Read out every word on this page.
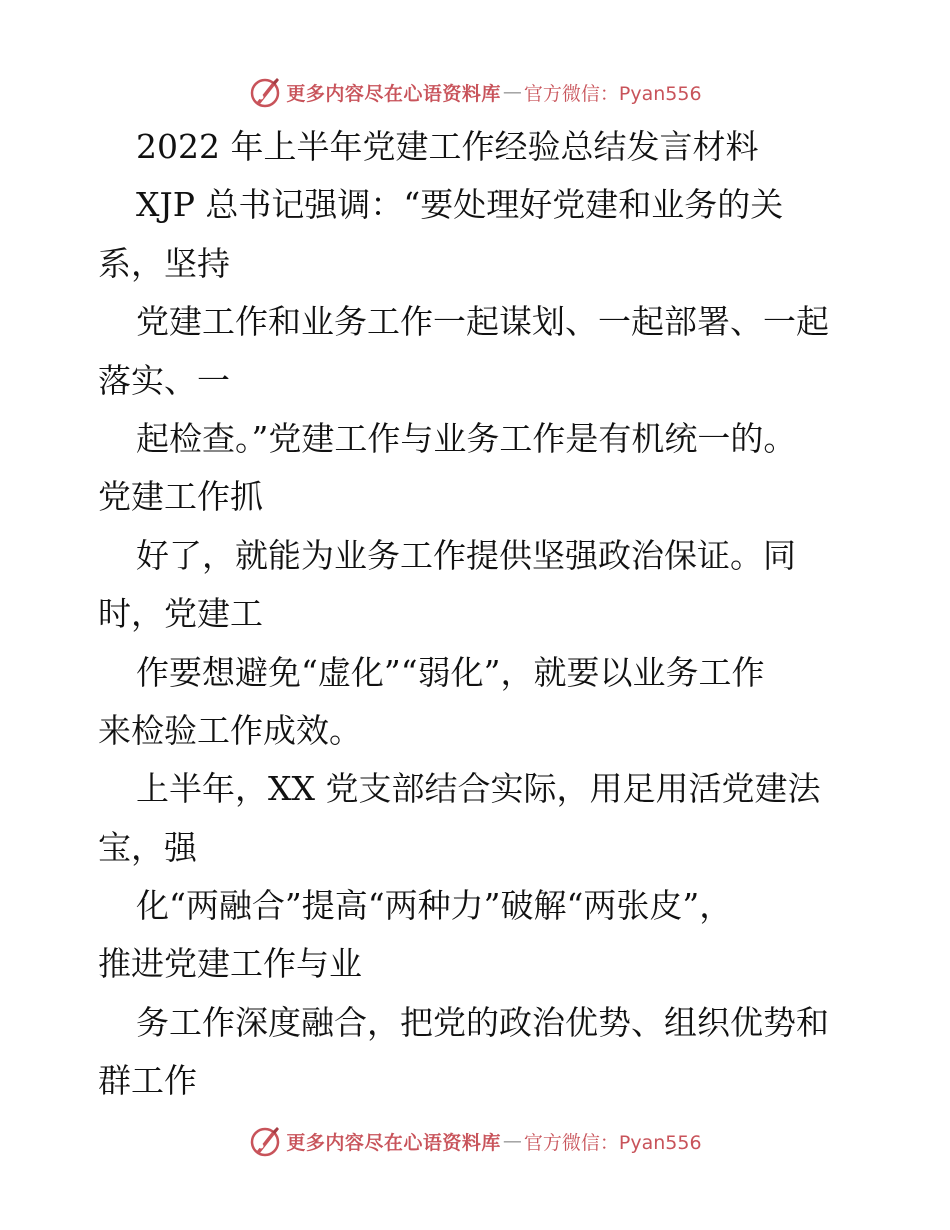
更多内容尽在心语资料库 — 官方微信：Pyan556
2022 年上半年党建工作经验总结发言材料
XJP 总书记强调：“要处理好党建和业务的关
系，坚持
党建工作和业务工作一起谋划、一起部署、一起
落实、一
起检查。”党建工作与业务工作是有机统一的。
党建工作抓
好了，就能为业务工作提供坚强政治保证。同
时，党建工
作要想避免“虚化”“弱化”，就要以业务工作
来检验工作成效。
上半年，XX 党支部结合实际，用足用活党建法
宝，强
化“两融合”提高“两种力”破解“两张皮”，
推进党建工作与业
务工作深度融合，把党的政治优势、组织优势和
群工作
更多内容尽在心语资料库 — 官方微信：Pyan556
